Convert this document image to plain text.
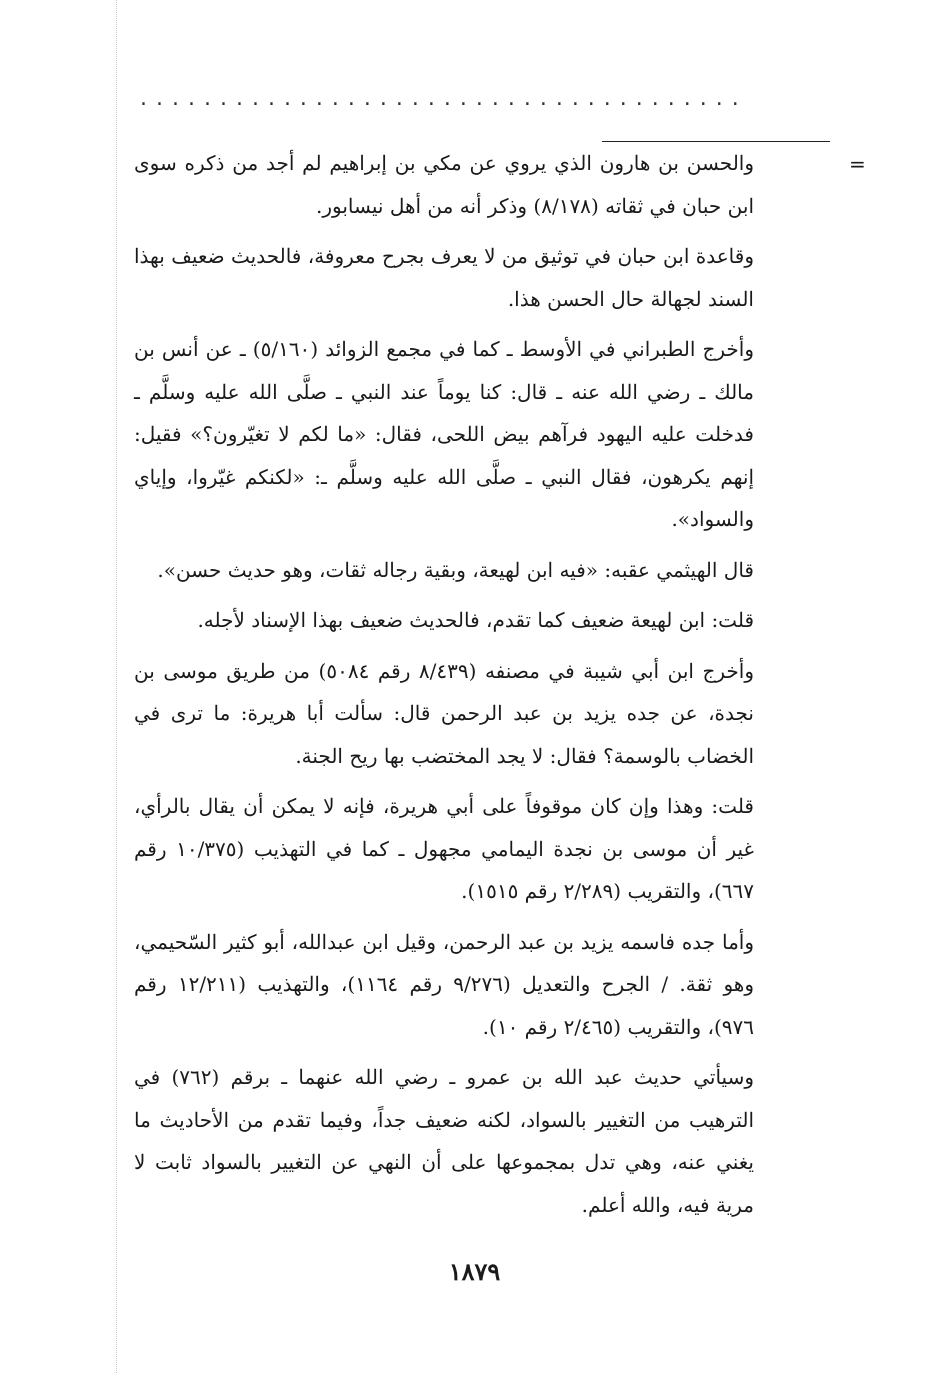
......................................
=

والحسن بن هارون الذي يروي عن مكي بن إبراهيم لم أجد من ذكره سوى ابن حبان في ثقاته (٨/١٧٨) وذكر أنه من أهل نيسابور.

وقاعدة ابن حبان في توثيق من لا يعرف بجرح معروفة، فالحديث ضعيف بهذا السند لجهالة حال الحسن هذا.

وأخرج الطبراني في الأوسط ـ كما في مجمع الزوائد (٥/١٦٠) ـ عن أنس بن مالك ـ رضي الله عنه ـ قال: كنا يوماً عند النبي ـ صلَّى الله عليه وسلَّم ـ فدخلت عليه اليهود فرآهم بيض اللحى، فقال: «ما لكم لا تغيّرون؟» فقيل: إنهم يكرهون، فقال النبي ـ صلَّى الله عليه وسلَّم ـ: «لكنكم غيّروا، وإياي والسواد».

قال الهيثمي عقبه: «فيه ابن لهيعة، وبقية رجاله ثقات، وهو حديث حسن».

قلت: ابن لهيعة ضعيف كما تقدم، فالحديث ضعيف بهذا الإسناد لأجله.

وأخرج ابن أبي شيبة في مصنفه (٨/٤٣٩ رقم ٥٠٨٤) من طريق موسى بن نجدة، عن جده يزيد بن عبد الرحمن قال: سألت أبا هريرة: ما ترى في الخضاب بالوسمة؟ فقال: لا يجد المختضب بها ريح الجنة.

قلت: وهذا وإن كان موقوفاً على أبي هريرة، فإنه لا يمكن أن يقال بالرأي، غير أن موسى بن نجدة اليمامي مجهول ـ كما في التهذيب (١٠/٣٧٥ رقم ٦٦٧)، والتقريب (٢/٢٨٩ رقم ١٥١٥).

وأما جده فاسمه يزيد بن عبد الرحمن، وقيل ابن عبدالله، أبو كثير السّحيمي، وهو ثقة. / الجرح والتعديل (٩/٢٧٦ رقم ١١٦٤)، والتهذيب (١٢/٢١١ رقم ٩٧٦)، والتقريب (٢/٤٦٥ رقم ١٠).

وسيأتي حديث عبد الله بن عمرو ـ رضي الله عنهما ـ برقم (٧٦٢) في الترهيب من التغيير بالسواد، لكنه ضعيف جداً، وفيما تقدم من الأحاديث ما يغني عنه، وهي تدل بمجموعها على أن النهي عن التغيير بالسواد ثابت لا مرية فيه، والله أعلم.

١٨٧٩
